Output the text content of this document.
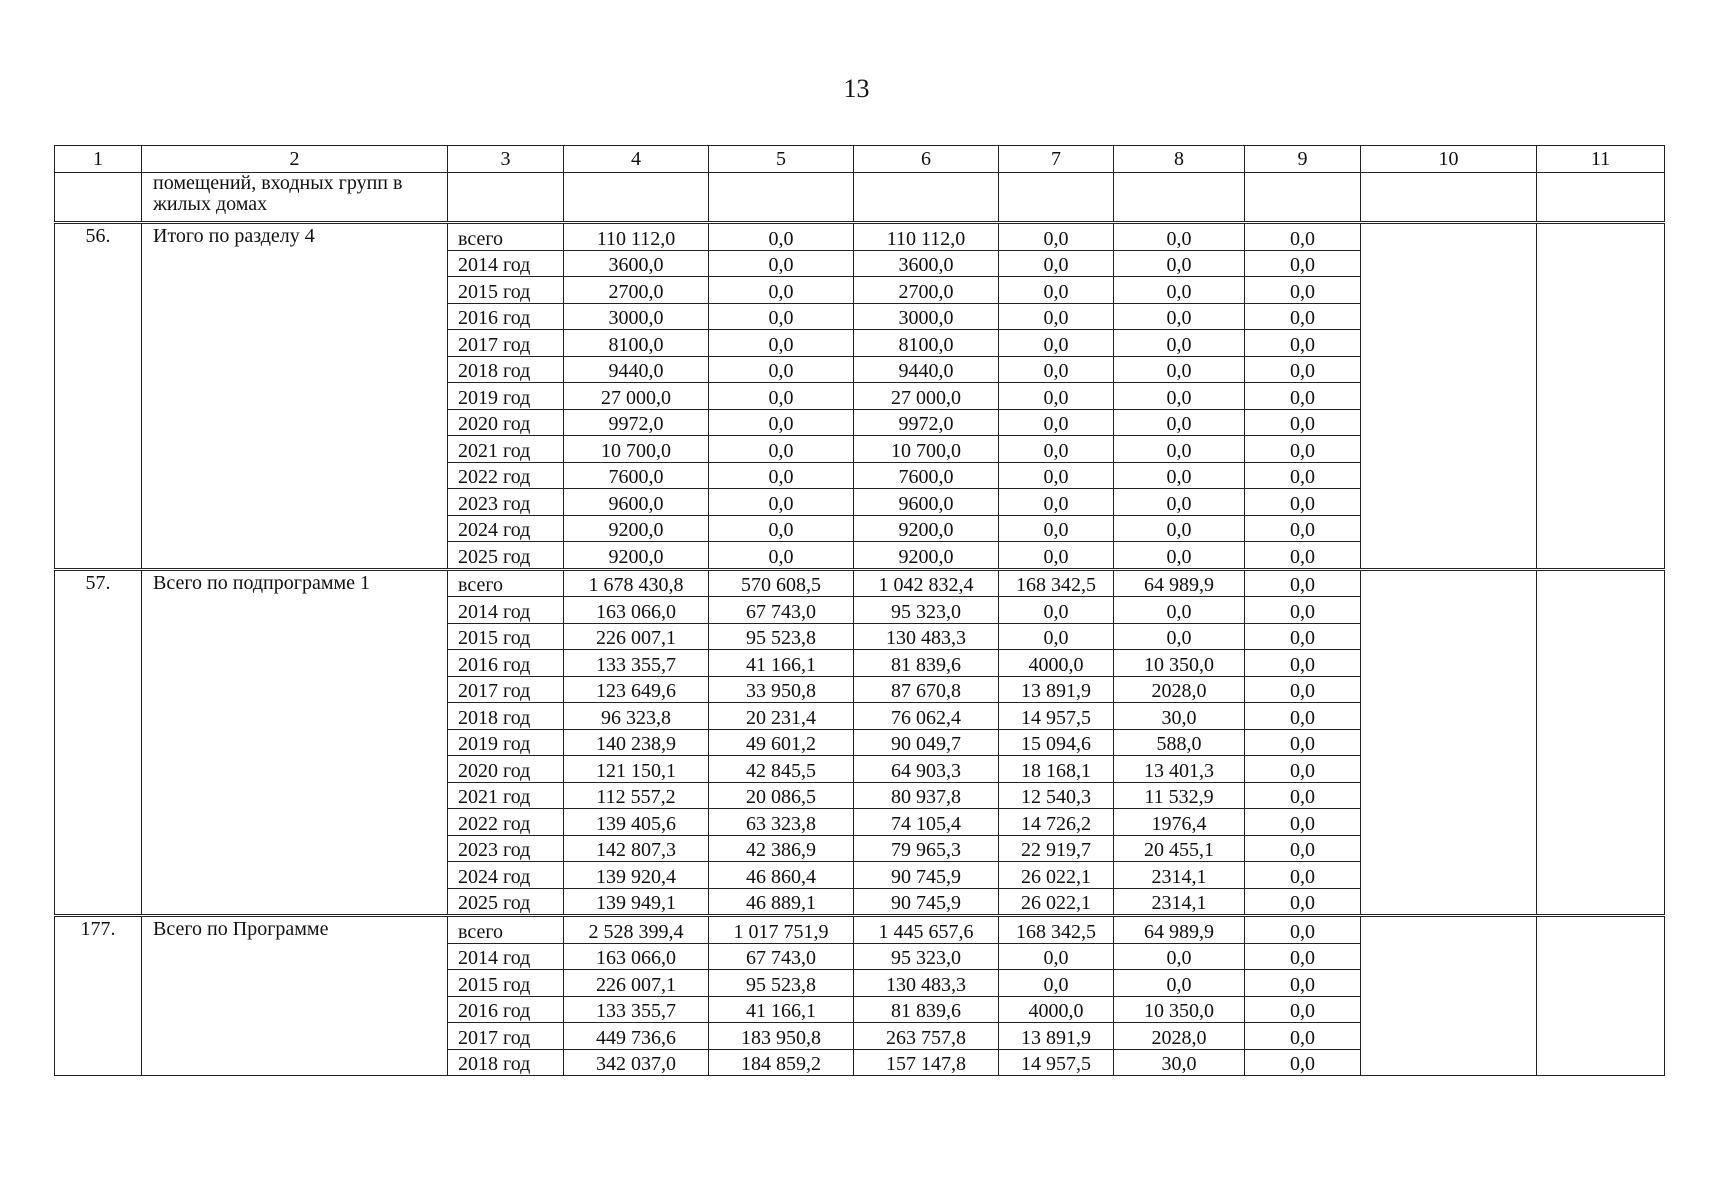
13
1	2	3	4	5	6	7	8	9	10	11
	помещений, входных групп в жилых домах									
56.	Итого по разделу 4	всего	110 112,0	0,0	110 112,0	0,0	0,0	0,0		
		2014 год	3600,0	0,0	3600,0	0,0	0,0	0,0		
		2015 год	2700,0	0,0	2700,0	0,0	0,0	0,0		
		2016 год	3000,0	0,0	3000,0	0,0	0,0	0,0		
		2017 год	8100,0	0,0	8100,0	0,0	0,0	0,0		
		2018 год	9440,0	0,0	9440,0	0,0	0,0	0,0		
		2019 год	27 000,0	0,0	27 000,0	0,0	0,0	0,0		
		2020 год	9972,0	0,0	9972,0	0,0	0,0	0,0		
		2021 год	10 700,0	0,0	10 700,0	0,0	0,0	0,0		
		2022 год	7600,0	0,0	7600,0	0,0	0,0	0,0		
		2023 год	9600,0	0,0	9600,0	0,0	0,0	0,0		
		2024 год	9200,0	0,0	9200,0	0,0	0,0	0,0		
		2025 год	9200,0	0,0	9200,0	0,0	0,0	0,0		
57.	Всего по подпрограмме 1	всего	1 678 430,8	570 608,5	1 042 832,4	168 342,5	64 989,9	0,0		
		2014 год	163 066,0	67 743,0	95 323,0	0,0	0,0	0,0		
		2015 год	226 007,1	95 523,8	130 483,3	0,0	0,0	0,0		
		2016 год	133 355,7	41 166,1	81 839,6	4000,0	10 350,0	0,0		
		2017 год	123 649,6	33 950,8	87 670,8	13 891,9	2028,0	0,0		
		2018 год	96 323,8	20 231,4	76 062,4	14 957,5	30,0	0,0		
		2019 год	140 238,9	49 601,2	90 049,7	15 094,6	588,0	0,0		
		2020 год	121 150,1	42 845,5	64 903,3	18 168,1	13 401,3	0,0		
		2021 год	112 557,2	20 086,5	80 937,8	12 540,3	11 532,9	0,0		
		2022 год	139 405,6	63 323,8	74 105,4	14 726,2	1976,4	0,0		
		2023 год	142 807,3	42 386,9	79 965,3	22 919,7	20 455,1	0,0		
		2024 год	139 920,4	46 860,4	90 745,9	26 022,1	2314,1	0,0		
		2025 год	139 949,1	46 889,1	90 745,9	26 022,1	2314,1	0,0		
177.	Всего по Программе	всего	2 528 399,4	1 017 751,9	1 445 657,6	168 342,5	64 989,9	0,0		
		2014 год	163 066,0	67 743,0	95 323,0	0,0	0,0	0,0		
		2015 год	226 007,1	95 523,8	130 483,3	0,0	0,0	0,0		
		2016 год	133 355,7	41 166,1	81 839,6	4000,0	10 350,0	0,0		
		2017 год	449 736,6	183 950,8	263 757,8	13 891,9	2028,0	0,0		
		2018 год	342 037,0	184 859,2	157 147,8	14 957,5	30,0	0,0		
